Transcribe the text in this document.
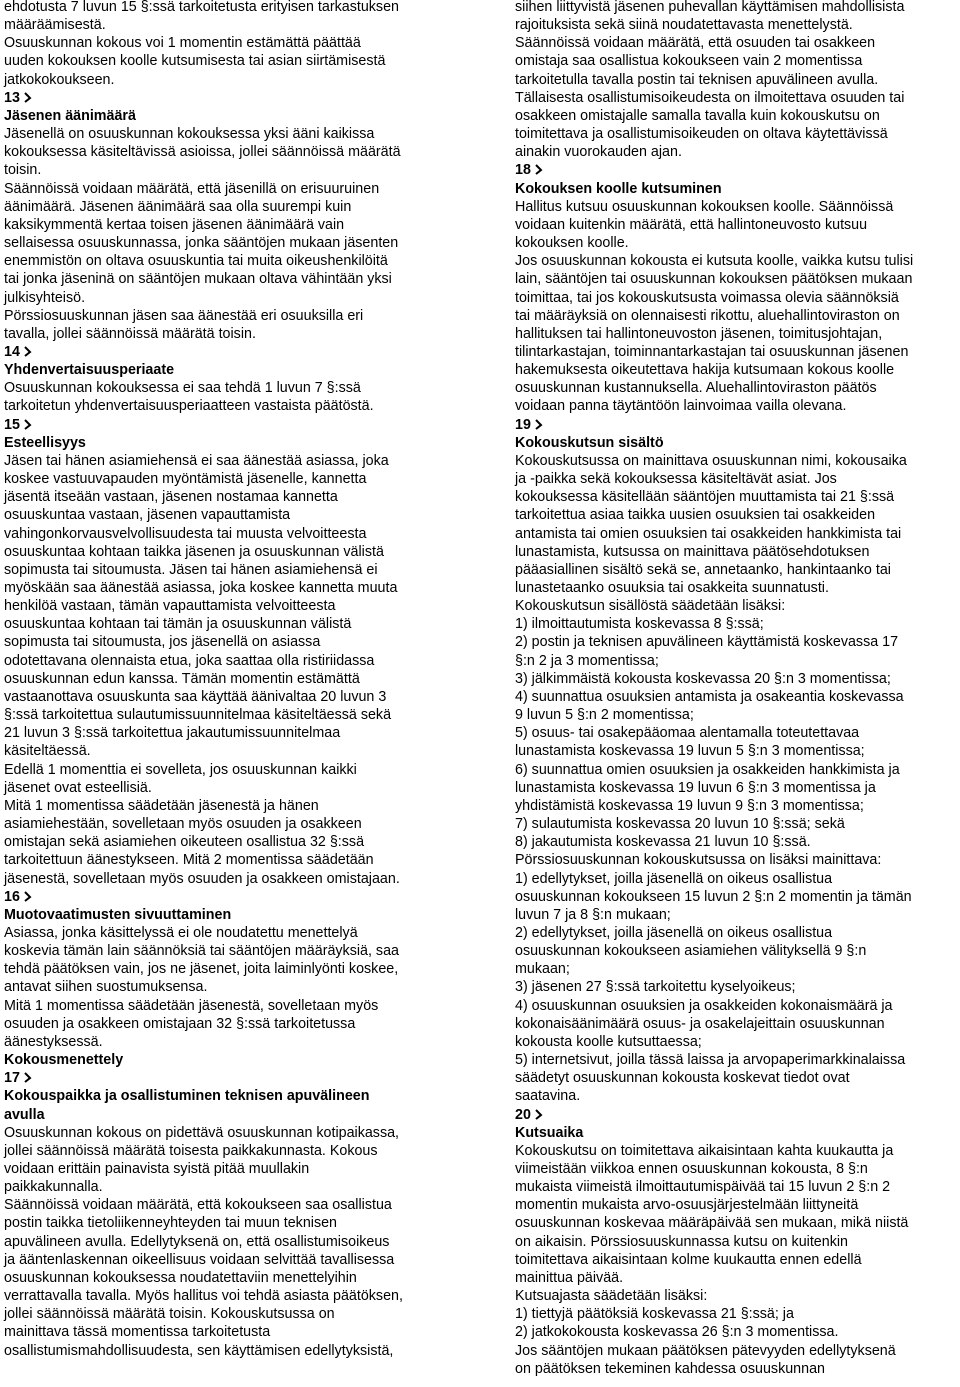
ehdotusta 7 luvun 15 §:ssä tarkoitetusta erityisen tarkastuksen
määräämisestä.
Osuuskunnan kokous voi 1 momentin estämättä päättää
uuden kokouksen koolle kutsumisesta tai asian siirtämisestä
jatkokokoukseen.
13
Jäsenen äänimäärä
Jäsenellä on osuuskunnan kokouksessa yksi ääni kaikissa
kokouksessa käsiteltävissä asioissa, jollei säännöissä määrätä
toisin.
Säännöissä voidaan määrätä, että jäsenillä on erisuuruinen
äänimäärä. Jäsenen äänimäärä saa olla suurempi kuin
kaksikymmentä kertaa toisen jäsenen äänimäärä vain
sellaisessa osuuskunnassa, jonka sääntöjen mukaan jäsenten
enemmistön on oltava osuuskuntia tai muita oikeushenkilöitä
tai jonka jäseninä on sääntöjen mukaan oltava vähintään yksi
julkisyhteisö.
Pörssiosuuskunnan jäsen saa äänestää eri osuuksilla eri
tavalla, jollei säännöissä määrätä toisin.
14
Yhdenvertaisuusperiaate
Osuuskunnan kokouksessa ei saa tehdä 1 luvun 7 §:ssä
tarkoitetun yhdenvertaisuusperiaatteen vastaista päätöstä.
15
Esteellisyys
Jäsen tai hänen asiamiehensä ei saa äänestää asiassa, joka
koskee vastuuvapauden myöntämistä jäsenelle, kannetta
jäsentä itseään vastaan, jäsenen nostamaa kannetta
osuuskuntaa vastaan, jäsenen vapauttamista
vahingonkorvausvelvollisuudesta tai muusta velvoitteesta
osuuskuntaa kohtaan taikka jäsenen ja osuuskunnan välistä
sopimusta tai sitoumusta. Jäsen tai hänen asiamiehensä ei
myöskään saa äänestää asiassa, joka koskee kannetta muuta
henkilöä vastaan, tämän vapauttamista velvoitteesta
osuuskuntaa kohtaan tai tämän ja osuuskunnan välistä
sopimusta tai sitoumusta, jos jäsenellä on asiassa
odotettavana olennaista etua, joka saattaa olla ristiriidassa
osuuskunnan edun kanssa. Tämän momentin estämättä
vastaanottava osuuskunta saa käyttää äänivaltaa 20 luvun 3
§:ssä tarkoitettua sulautumissuunnitelmaa käsiteltäessä sekä
21 luvun 3 §:ssä tarkoitettua jakautumissuunnitelmaa
käsiteltäessä.
Edellä 1 momenttia ei sovelleta, jos osuuskunnan kaikki
jäsenet ovat esteellisiä.
Mitä 1 momentissa säädetään jäsenestä ja hänen
asiamiehestään, sovelletaan myös osuuden ja osakkeen
omistajan sekä asiamiehen oikeuteen osallistua 32 §:ssä
tarkoitettuun äänestykseen. Mitä 2 momentissa säädetään
jäsenestä, sovelletaan myös osuuden ja osakkeen omistajaan.
16
Muotovaatimusten sivuuttaminen
Asiassa, jonka käsittelyssä ei ole noudatettu menettelyä
koskevia tämän lain säännöksiä tai sääntöjen määräyksiä, saa
tehdä päätöksen vain, jos ne jäsenet, joita laiminlyönti koskee,
antavat siihen suostumuksensa.
Mitä 1 momentissa säädetään jäsenestä, sovelletaan myös
osuuden ja osakkeen omistajaan 32 §:ssä tarkoitetussa
äänestyksessä.
Kokousmenettely
17
Kokouspaikka ja osallistuminen teknisen apuvälineen
avulla
Osuuskunnan kokous on pidettävä osuuskunnan kotipaikassa,
jollei säännöissä määrätä toisesta paikkakunnasta. Kokous
voidaan erittäin painavista syistä pitää muullakin
paikkakunnalla.
Säännöissä voidaan määrätä, että kokoukseen saa osallistua
postin taikka tietoliikenneyhteyden tai muun teknisen
apuvälineen avulla. Edellytyksenä on, että osallistumisoikeus
ja ääntenlaskennan oikeellisuus voidaan selvittää tavallisessa
osuuskunnan kokouksessa noudatettaviin menettelyihin
verrattavalla tavalla. Myös hallitus voi tehdä asiasta päätöksen,
jollei säännöissä määrätä toisin. Kokouskutsussa on
mainittava tässä momentissa tarkoitetusta
osallistumismahdollisuudesta, sen käyttämisen edellytyksistä,
siihen liittyvistä jäsenen puhevallan käyttämisen mahdollisista
rajoituksista sekä siinä noudatettavasta menettelystä.
Säännöissä voidaan määrätä, että osuuden tai osakkeen
omistaja saa osallistua kokoukseen vain 2 momentissa
tarkoitetulla tavalla postin tai teknisen apuvälineen avulla.
Tällaisesta osallistumisoikeudesta on ilmoitettava osuuden tai
osakkeen omistajalle samalla tavalla kuin kokouskutsu on
toimitettava ja osallistumisoikeuden on oltava käytettävissä
ainakin vuorokauden ajan.
18
Kokouksen koolle kutsuminen
Hallitus kutsuu osuuskunnan kokouksen koolle. Säännöissä
voidaan kuitenkin määrätä, että hallintoneuvosto kutsuu
kokouksen koolle.
Jos osuuskunnan kokousta ei kutsuta koolle, vaikka kutsu tulisi
lain, sääntöjen tai osuuskunnan kokouksen päätöksen mukaan
toimittaa, tai jos kokouskutsusta voimassa olevia säännöksiä
tai määräyksiä on olennaisesti rikottu, aluehallintoviraston on
hallituksen tai hallintoneuvoston jäsenen, toimitusjohtajan,
tilintarkastajan, toiminnantarkastajan tai osuuskunnan jäsenen
hakemuksesta oikeutettava hakija kutsumaan kokous koolle
osuuskunnan kustannuksella. Aluehallintoviraston päätös
voidaan panna täytäntöön lainvoimaa vailla olevana.
19
Kokouskutsun sisältö
Kokouskutsussa on mainittava osuuskunnan nimi, kokousaika
ja -paikka sekä kokouksessa käsiteltävät asiat. Jos
kokouksessa käsitellään sääntöjen muuttamista tai 21 §:ssä
tarkoitettua asiaa taikka uusien osuuksien tai osakkeiden
antamista tai omien osuuksien tai osakkeiden hankkimista tai
lunastamista, kutsussa on mainittava päätösehdotuksen
pääasiallinen sisältö sekä se, annetaanko, hankintaanko tai
lunastetaanko osuuksia tai osakkeita suunnatusti.
Kokouskutsun sisällöstä säädetään lisäksi:
1) ilmoittautumista koskevassa 8 §:ssä;
2) postin ja teknisen apuvälineen käyttämistä koskevassa 17
§:n 2 ja 3 momentissa;
3) jälkimmäistä kokousta koskevassa 20 §:n 3 momentissa;
4) suunnattua osuuksien antamista ja osakeantia koskevassa
9 luvun 5 §:n 2 momentissa;
5) osuus- tai osakepääomaa alentamalla toteutettavaa
lunastamista koskevassa 19 luvun 5 §:n 3 momentissa;
6) suunnattua omien osuuksien ja osakkeiden hankkimista ja
lunastamista koskevassa 19 luvun 6 §:n 3 momentissa ja
yhdistämistä koskevassa 19 luvun 9 §:n 3 momentissa;
7) sulautumista koskevassa 20 luvun 10 §:ssä; sekä
8) jakautumista koskevassa 21 luvun 10 §:ssä.
Pörssiosuuskunnan kokouskutsussa on lisäksi mainittava:
1) edellytykset, joilla jäsenellä on oikeus osallistua
osuuskunnan kokoukseen 15 luvun 2 §:n 2 momentin ja tämän
luvun 7 ja 8 §:n mukaan;
2) edellytykset, joilla jäsenellä on oikeus osallistua
osuuskunnan kokoukseen asiamiehen välityksellä 9 §:n
mukaan;
3) jäsenen 27 §:ssä tarkoitettu kyselyoikeus;
4) osuuskunnan osuuksien ja osakkeiden kokonaismäärä ja
kokonaisäänimäärä osuus- ja osakelajeittain osuuskunnan
kokousta koolle kutsuttaessa;
5) internetsivut, joilla tässä laissa ja arvopaperimarkkinalaissa
säädetyt osuuskunnan kokousta koskevat tiedot ovat
saatavina.
20
Kutsuaika
Kokouskutsu on toimitettava aikaisintaan kahta kuukautta ja
viimeistään viikkoa ennen osuuskunnan kokousta, 8 §:n
mukaista viimeistä ilmoittautumispäivää tai 15 luvun 2 §:n 2
momentin mukaista arvo-osuusjärjestelmään liittyneitä
osuuskunnan koskevaa määräpäivää sen mukaan, mikä niistä
on aikaisin. Pörssiosuuskunnassa kutsu on kuitenkin
toimitettava aikaisintaan kolme kuukautta ennen edellä
mainittua päivää.
Kutsuajasta säädetään lisäksi:
1) tiettyjä päätöksiä koskevassa 21 §:ssä; ja
2) jatkokokousta koskevassa 26 §:n 3 momentissa.
Jos sääntöjen mukaan päätöksen pätevyyden edellytyksenä
on päätöksen tekeminen kahdessa osuuskunnan
